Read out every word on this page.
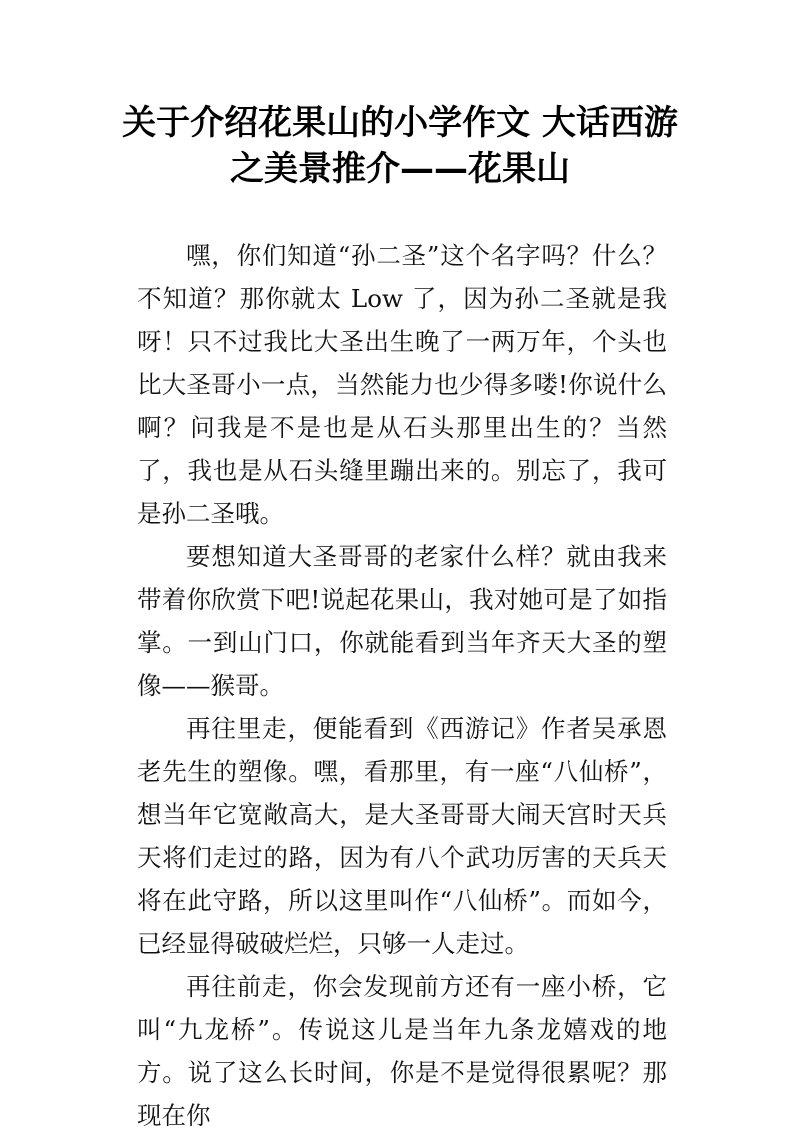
关于介绍花果山的小学作文 大话西游
之美景推介——花果山

嘿，你们知道“孙二圣”这个名字吗？什么？不知道？那你就太 Low 了，因为孙二圣就是我呀！只不过我比大圣出生晚了一两万年，个头也比大圣哥小一点，当然能力也少得多喽!你说什么啊？问我是不是也是从石头那里出生的？当然了，我也是从石头缝里蹦出来的。别忘了，我可是孙二圣哦。

要想知道大圣哥哥的老家什么样？就由我来带着你欣赏下吧!说起花果山，我对她可是了如指掌。一到山门口，你就能看到当年齐天大圣的塑像——猴哥。

再往里走，便能看到《西游记》作者吴承恩老先生的塑像。嘿，看那里，有一座“八仙桥”，想当年它宽敞高大，是大圣哥哥大闹天宫时天兵天将们走过的路，因为有八个武功厉害的天兵天将在此守路，所以这里叫作“八仙桥”。而如今，已经显得破破烂烂，只够一人走过。

再往前走，你会发现前方还有一座小桥，它叫“九龙桥”。传说这儿是当年九条龙嬉戏的地方。说了这么长时间，你是不是觉得很累呢？那现在你
